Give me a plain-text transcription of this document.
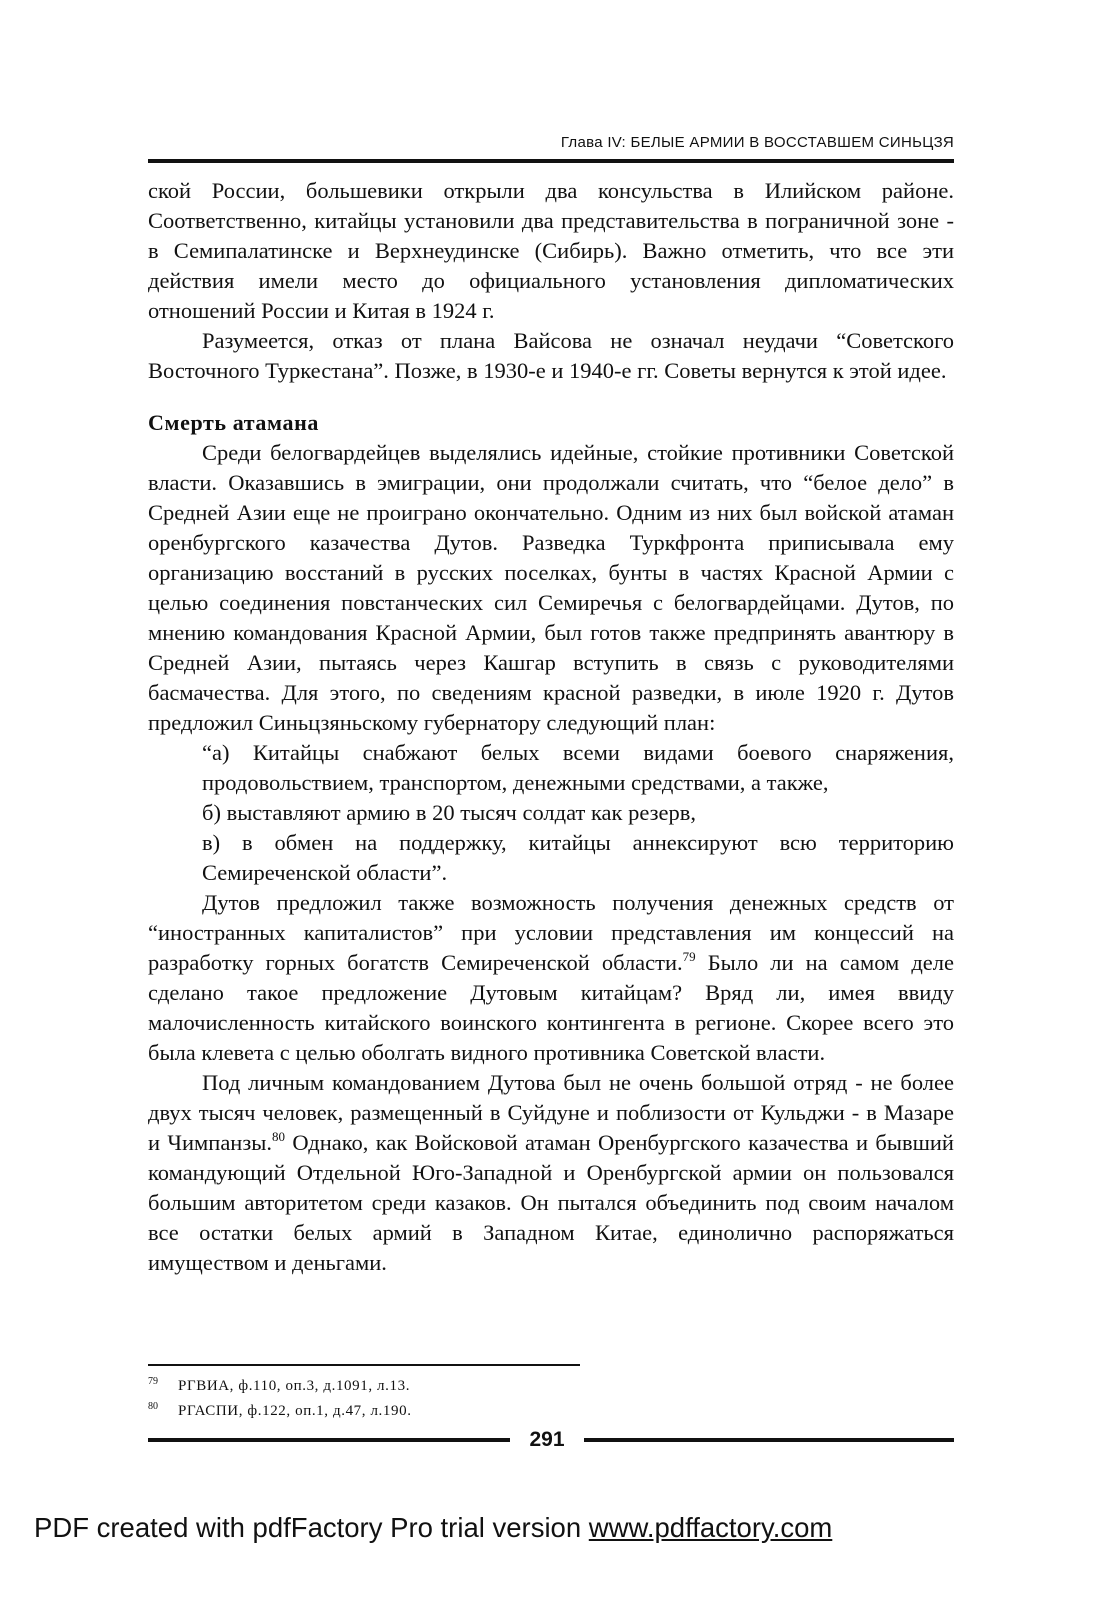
Глава IV: БЕЛЫЕ АРМИИ В ВОССТАВШЕМ СИНЬЦЗЯ

ской России, большевики открыли два консульства в Илийском районе. Соответственно, китайцы установили два представительства в пограничной зоне - в Семипалатинске и Верхнеудинске (Сибирь). Важно отметить, что все эти действия имели место до официального установления дипломатических отношений России и Китая в 1924 г.

Разумеется, отказ от плана Вайсова не означал неудачи “Советского Восточного Туркестана”. Позже, в 1930-е и 1940-е гг. Советы вернутся к этой идее.

Смерть атамана

Среди белогвардейцев выделялись идейные, стойкие противники Советской власти. Оказавшись в эмиграции, они продолжали считать, что “белое дело” в Средней Азии еще не проиграно окончательно. Одним из них был войской атаман оренбургского казачества Дутов. Разведка Туркфронта приписывала ему организацию восстаний в русских поселках, бунты в частях Красной Армии с целью соединения повстанческих сил Семиречья с белогвардейцами. Дутов, по мнению командования Красной Армии, был готов также предпринять авантюру в Средней Азии, пытаясь через Кашгар вступить в связь с руководителями басмачества. Для этого, по сведениям красной разведки, в июле 1920 г. Дутов предложил Синьцзяньскому губернатору следующий план:

“а) Китайцы снабжают белых всеми видами боевого снаряжения, продовольствием, транспортом, денежными средствами, а также,

б) выставляют армию в 20 тысяч солдат как резерв,

в) в обмен на поддержку, китайцы аннексируют всю территорию Семиреченской области”.

Дутов предложил также возможность получения денежных средств от “иностранных капиталистов” при условии представления им концессий на разработку горных богатств Семиреченской области.$^{79}$ Было ли на самом деле сделано такое предложение Дутовым китайцам? Вряд ли, имея ввиду малочисленность китайского воинского контингента в регионе. Скорее всего это была клевета с целью оболгать видного противника Советской власти.

Под личным командованием Дутова был не очень большой отряд - не более двух тысяч человек, размещенный в Суйдуне и поблизости от Кульджи - в Мазаре и Чимпанзы.$^{80}$ Однако, как Войсковой атаман Оренбургского казачества и бывший командующий Отдельной Юго-Западной и Оренбургской армии он пользовался большим авторитетом среди казаков. Он пытался объединить под своим началом все остатки белых армий в Западном Китае, единолично распоряжаться имуществом и деньгами.

79	РГВИА, ф.110, оп.3, д.1091, л.13.
80	РГАСПИ, ф.122, оп.1, д.47, л.190.
291
PDF created with pdfFactory Pro trial version www.pdffactory.com
